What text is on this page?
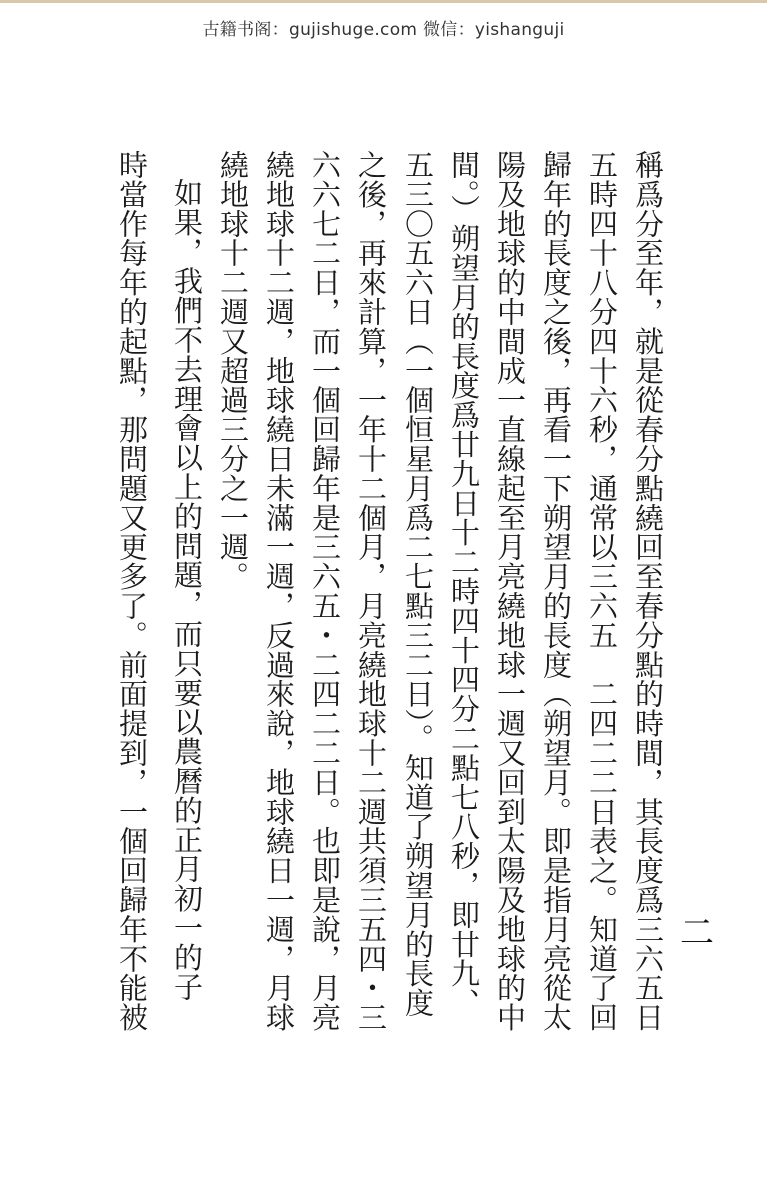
古籍书阁：gujishuge.com 微信：yishanguji
二
稱爲分至年，就是從春分點繞回至春分點的時間，其長度爲三六五日
五時四十八分四十六秒，通常以三六五　二四二二日表之。知道了回
歸年的長度之後，再看一下朔望月的長度（朔望月。即是指月亮從太
陽及地球的中間成一直線起至月亮繞地球一週又回到太陽及地球的中
間。）朔望月的長度爲廿九日十二時四十四分二點七八秒，即廿九、
五三〇五六日（一個恒星月爲二七點三二日）。知道了朔望月的長度
之後，再來計算，一年十二個月，月亮繞地球十二週共須三五四・三
六六七二日，而一個回歸年是三六五・二四二二日。也即是說，月亮
繞地球十二週，地球繞日未滿一週，反過來說，地球繞日一週，月球
繞地球十二週又超過三分之一週。
如果，我們不去理會以上的問題，而只要以農曆的正月初一的子
時當作每年的起點，那問題又更多了。前面提到，一個回歸年不能被
